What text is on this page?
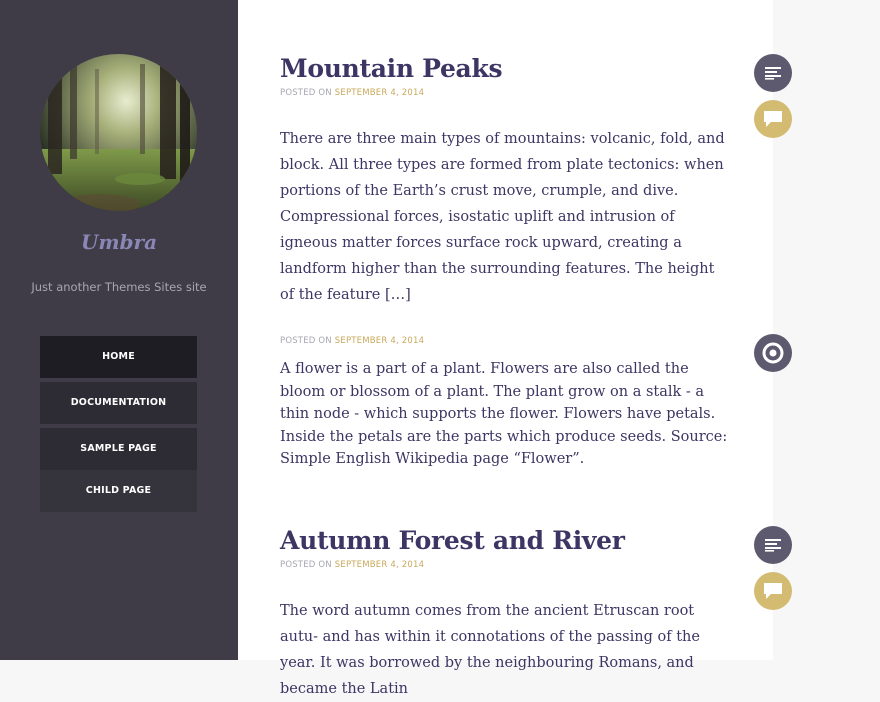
Umbra
Just another Themes Sites site
HOME
DOCUMENTATION
SAMPLE PAGE
CHILD PAGE
Mountain Peaks
POSTED ON SEPTEMBER 4, 2014

There are three main types of mountains: volcanic, fold, and block. All three types are formed from plate tectonics: when portions of the Earth’s crust move, crumple, and dive. Compressional forces, isostatic uplift and intrusion of igneous matter forces surface rock upward, creating a landform higher than the surrounding features. The height of the feature […]

POSTED ON SEPTEMBER 4, 2014

A flower is a part of a plant. Flowers are also called the bloom or blossom of a plant. The plant grow on a stalk - a thin node - which supports the flower. Flowers have petals. Inside the petals are the parts which produce seeds. Source: Simple English Wikipedia page “Flower”.

Autumn Forest and River
POSTED ON SEPTEMBER 4, 2014

The word autumn comes from the ancient Etruscan root autu- and has within it connotations of the passing of the year. It was borrowed by the neighbouring Romans, and became the Latin
